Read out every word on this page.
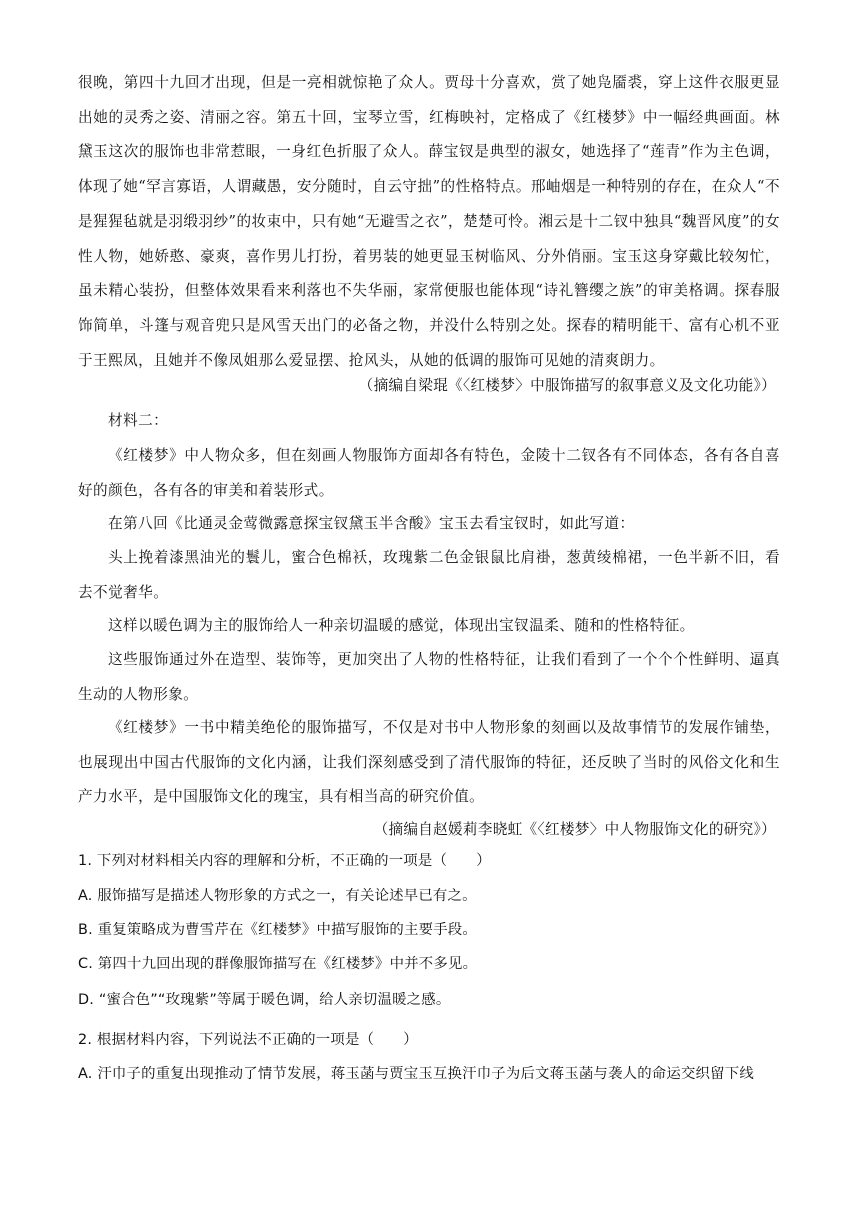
很晚，第四十九回才出现，但是一亮相就惊艳了众人。贾母十分喜欢，赏了她凫靥裘，穿上这件衣服更显出她的灵秀之姿、清丽之容。第五十回，宝琴立雪，红梅映衬，定格成了《红楼梦》中一幅经典画面。林黛玉这次的服饰也非常惹眼，一身红色折服了众人。薛宝钗是典型的淑女，她选择了“莲青”作为主色调，体现了她“罕言寡语，人谓藏愚，安分随时，自云守拙”的性格特点。邢岫烟是一种特别的存在，在众人“不是猩猩毡就是羽缎羽纱”的妆束中，只有她“无避雪之衣”，楚楚可怜。湘云是十二钗中独具“魏晋风度”的女性人物，她娇憨、豪爽，喜作男儿打扮，着男装的她更显玉树临风、分外俏丽。宝玉这身穿戴比较匆忙，虽未精心装扮，但整体效果看来利落也不失华丽，家常便服也能体现“诗礼簪缨之族”的审美格调。探春服饰简单，斗篷与观音兜只是风雪天出门的必备之物，并没什么特别之处。探春的精明能干、富有心机不亚于王熙凤，且她并不像凤姐那么爱显摆、抢风头，从她的低调的服饰可见她的清爽朗力。

（摘编自梁琨《〈红楼梦〉中服饰描写的叙事意义及文化功能》）

材料二：

《红楼梦》中人物众多，但在刻画人物服饰方面却各有特色，金陵十二钗各有不同体态，各有各自喜好的颜色，各有各的审美和着装形式。

在第八回《比通灵金莺微露意探宝钗黛玉半含酸》宝玉去看宝钗时，如此写道：

头上挽着漆黑油光的鬟儿，蜜合色棉袄，玫瑰紫二色金银鼠比肩褂，葱黄绫棉裙，一色半新不旧，看去不觉奢华。

这样以暖色调为主的服饰给人一种亲切温暖的感觉，体现出宝钗温柔、随和的性格特征。

这些服饰通过外在造型、装饰等，更加突出了人物的性格特征，让我们看到了一个个个性鲜明、逼真生动的人物形象。

《红楼梦》一书中精美绝伦的服饰描写，不仅是对书中人物形象的刻画以及故事情节的发展作铺垫，也展现出中国古代服饰的文化内涵，让我们深刻感受到了清代服饰的特征，还反映了当时的风俗文化和生产力水平，是中国服饰文化的瑰宝，具有相当高的研究价值。

（摘编自赵媛莉李晓虹《〈红楼梦〉中人物服饰文化的研究》）

1. 下列对材料相关内容的理解和分析，不正确的一项是（　　）

A. 服饰描写是描述人物形象的方式之一，有关论述早已有之。

B. 重复策略成为曹雪芹在《红楼梦》中描写服饰的主要手段。

C. 第四十九回出现的群像服饰描写在《红楼梦》中并不多见。

D. “蜜合色”“玫瑰紫”等属于暖色调，给人亲切温暖之感。

2. 根据材料内容，下列说法不正确的一项是（　　）

A. 汗巾子的重复出现推动了情节发展，蒋玉菡与贾宝玉互换汗巾子为后文蒋玉菡与袭人的命运交织留下线
